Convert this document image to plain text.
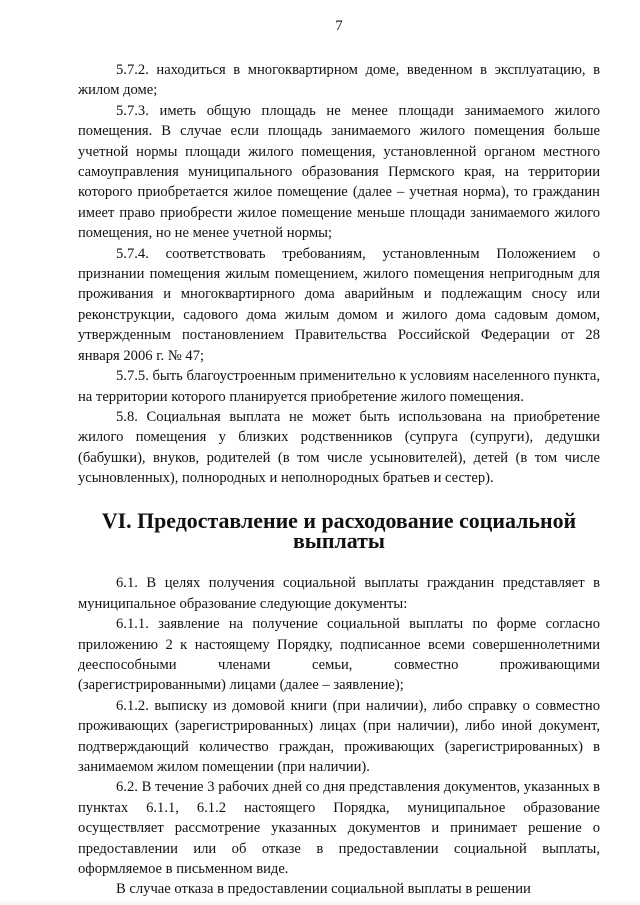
7

5.7.2. находиться в многоквартирном доме, введенном в эксплуатацию, в жилом доме;

5.7.3. иметь общую площадь не менее площади занимаемого жилого помещения. В случае если площадь занимаемого жилого помещения больше учетной нормы площади жилого помещения, установленной органом местного самоуправления муниципального образования Пермского края, на территории которого приобретается жилое помещение (далее – учетная норма), то гражданин имеет право приобрести жилое помещение меньше площади занимаемого жилого помещения, но не менее учетной нормы;

5.7.4. соответствовать требованиям, установленным Положением о признании помещения жилым помещением, жилого помещения непригодным для проживания и многоквартирного дома аварийным и подлежащим сносу или реконструкции, садового дома жилым домом и жилого дома садовым домом, утвержденным постановлением Правительства Российской Федерации от 28 января 2006 г. № 47;

5.7.5. быть благоустроенным применительно к условиям населенного пункта, на территории которого планируется приобретение жилого помещения.

5.8. Социальная выплата не может быть использована на приобретение жилого помещения у близких родственников (супруга (супруги), дедушки (бабушки), внуков, родителей (в том числе усыновителей), детей (в том числе усыновленных), полнородных и неполнородных братьев и сестер).

VI. Предоставление и расходование социальной выплаты

6.1. В целях получения социальной выплаты гражданин представляет в муниципальное образование следующие документы:

6.1.1. заявление на получение социальной выплаты по форме согласно приложению 2 к настоящему Порядку, подписанное всеми совершеннолетними дееспособными членами семьи, совместно проживающими (зарегистрированными) лицами (далее – заявление);

6.1.2. выписку из домовой книги (при наличии), либо справку о совместно проживающих (зарегистрированных) лицах (при наличии), либо иной документ, подтверждающий количество граждан, проживающих (зарегистрированных) в занимаемом жилом помещении (при наличии).

6.2. В течение 3 рабочих дней со дня представления документов, указанных в пунктах 6.1.1, 6.1.2 настоящего Порядка, муниципальное образование осуществляет рассмотрение указанных документов и принимает решение о предоставлении или об отказе в предоставлении социальной выплаты, оформляемое в письменном виде.

В случае отказа в предоставлении социальной выплаты в решении
